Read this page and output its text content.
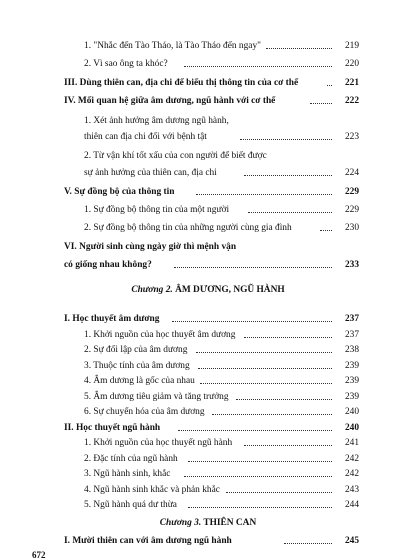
1. "Nhắc đến Tào Tháo, là Tào Tháo đến ngay"	219
2. Vì sao ông ta khóc?	220
III. Dùng thiên can, địa chi để biểu thị thông tin của cơ thể	221
IV. Mối quan hệ giữa âm dương, ngũ hành với cơ thể	222
1. Xét ảnh hưởng âm dương ngũ hành,
thiên can địa chi đối với bệnh tật	223
2. Từ vận khí tốt xấu của con người để biết được
sự ảnh hưởng của thiên can, địa chi	224
V. Sự đồng bộ của thông tin	229
1. Sự đồng bộ thông tin của một người	229
2. Sự đồng bộ thông tin của những người cùng gia đình	230
VI. Người sinh cùng ngày giờ thì mệnh vận
có giống nhau không?	233
Chương 2. ÂM DƯƠNG, NGŨ HÀNH
I. Học thuyết âm dương	237
1. Khởi nguồn của học thuyết âm dương	237
2. Sự đối lập của âm dương	238
3. Thuộc tính của âm dương	239
4. Âm dương là gốc của nhau	239
5. Âm dương tiêu giảm và tăng trưởng	239
6. Sự chuyển hóa của âm dương	240
II. Học thuyết ngũ hành	240
1. Khởi nguồn của học thuyết ngũ hành	241
2. Đặc tính của ngũ hành	242
3. Ngũ hành sinh, khắc	242
4. Ngũ hành sinh khắc và phản khắc	243
5. Ngũ hành quá dư thừa	244
Chương 3. THIÊN CAN
I. Mười thiên can với âm dương ngũ hành	245
672
